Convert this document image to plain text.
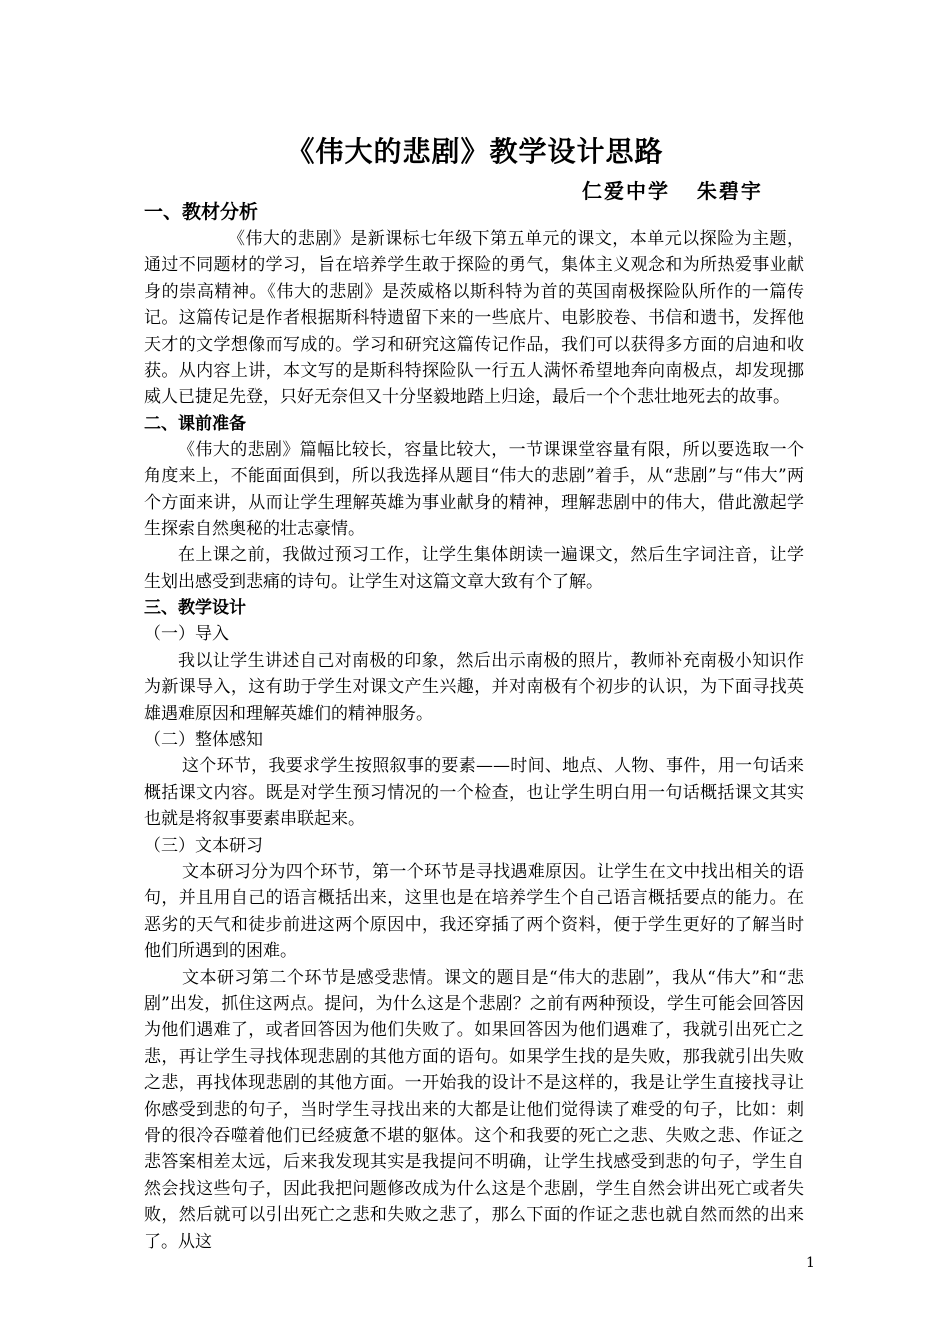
《伟大的悲剧》教学设计思路
仁爱中学   朱碧宇
一、教材分析

《伟大的悲剧》是新课标七年级下第五单元的课文，本单元以探险为主题，通过不同题材的学习，旨在培养学生敢于探险的勇气，集体主义观念和为所热爱事业献身的崇高精神。《伟大的悲剧》是茨威格以斯科特为首的英国南极探险队所作的一篇传记。这篇传记是作者根据斯科特遗留下来的一些底片、电影胶卷、书信和遗书，发挥他天才的文学想像而写成的。学习和研究这篇传记作品，我们可以获得多方面的启迪和收获。从内容上讲，本文写的是斯科特探险队一行五人满怀希望地奔向南极点，却发现挪威人已捷足先登，只好无奈但又十分坚毅地踏上归途，最后一个个悲壮地死去的故事。

二、课前准备

《伟大的悲剧》篇幅比较长，容量比较大，一节课课堂容量有限，所以要选取一个角度来上，不能面面俱到，所以我选择从题目“伟大的悲剧”着手，从“悲剧”与“伟大”两个方面来讲，从而让学生理解英雄为事业献身的精神，理解悲剧中的伟大，借此激起学生探索自然奥秘的壮志豪情。

在上课之前，我做过预习工作，让学生集体朗读一遍课文，然后生字词注音，让学生划出感受到悲痛的诗句。让学生对这篇文章大致有个了解。

三、教学设计
（一）导入

我以让学生讲述自己对南极的印象，然后出示南极的照片，教师补充南极小知识作为新课导入，这有助于学生对课文产生兴趣，并对南极有个初步的认识，为下面寻找英雄遇难原因和理解英雄们的精神服务。

（二）整体感知

这个环节，我要求学生按照叙事的要素——时间、地点、人物、事件，用一句话来概括课文内容。既是对学生预习情况的一个检查，也让学生明白用一句话概括课文其实也就是将叙事要素串联起来。

（三）文本研习

文本研习分为四个环节，第一个环节是寻找遇难原因。让学生在文中找出相关的语句，并且用自己的语言概括出来，这里也是在培养学生个自己语言概括要点的能力。在恶劣的天气和徒步前进这两个原因中，我还穿插了两个资料，便于学生更好的了解当时他们所遇到的困难。

文本研习第二个环节是感受悲情。课文的题目是“伟大的悲剧”，我从“伟大”和“悲剧”出发，抓住这两点。提问，为什么这是个悲剧？之前有两种预设，学生可能会回答因为他们遇难了，或者回答因为他们失败了。如果回答因为他们遇难了，我就引出死亡之悲，再让学生寻找体现悲剧的其他方面的语句。如果学生找的是失败，那我就引出失败之悲，再找体现悲剧的其他方面。一开始我的设计不是这样的，我是让学生直接找寻让你感受到悲的句子，当时学生寻找出来的大都是让他们觉得读了难受的句子，比如：刺骨的很冷吞噬着他们已经疲惫不堪的躯体。这个和我要的死亡之悲、失败之悲、作证之悲答案相差太远，后来我发现其实是我提问不明确，让学生找感受到悲的句子，学生自然会找这些句子，因此我把问题修改成为什么这是个悲剧，学生自然会讲出死亡或者失败，然后就可以引出死亡之悲和失败之悲了，那么下面的作证之悲也就自然而然的出来了。从这

1
